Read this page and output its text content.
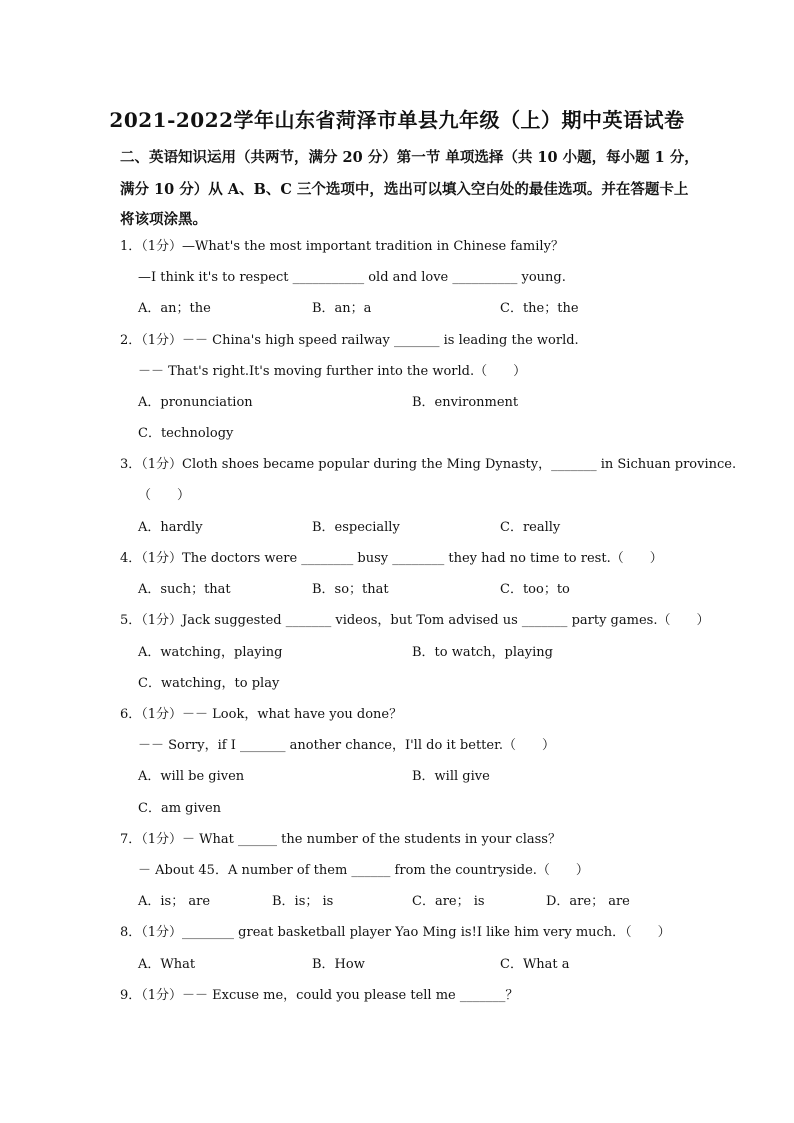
2021-2022学年山东省菏泽市单县九年级（上）期中英语试卷
二、英语知识运用（共两节，满分 20 分）第一节 单项选择（共 10 小题，每小题 1 分，
满分 10 分）从 A、B、C 三个选项中，选出可以填入空白处的最佳选项。并在答题卡上
将该项涂黑。
1．（1分）—What's the most important tradition in Chinese family？
—I think it's to respect ___________ old and love __________ young.
A．an；the	B．an；a	C．the；the
2．（1分）－－ China's high speed railway _______ is leading the world.
－－ That's right.It's moving further into the world.（　　）
A．pronunciation	B．environment
C．technology
3．（1分）Cloth shoes became popular during the Ming Dynasty，_______ in Sichuan province.
（　　）
A．hardly	B．especially	C．really
4．（1分）The doctors were ________ busy ________ they had no time to rest.（　　）
A．such；that	B．so；that	C．too；to
5．（1分）Jack suggested _______ videos，but Tom advised us _______ party games.（　　）
A．watching，playing	B．to watch，playing
C．watching，to play
6．（1分）－－ Look，what have you done？
－－ Sorry，if I _______ another chance，I'll do it better.（　　）
A．will be given	B．will give
C．am given
7．（1分）－ What ______ the number of the students in your class？
－ About 45．A number of them ______ from the countryside.（　　）
A．is； are	B．is； is	C．are； is	D．are； are
8．（1分）________ great basketball player Yao Ming is!I like him very much．（　　）
A．What	B．How	C．What a
9．（1分）－－ Excuse me，could you please tell me _______？
